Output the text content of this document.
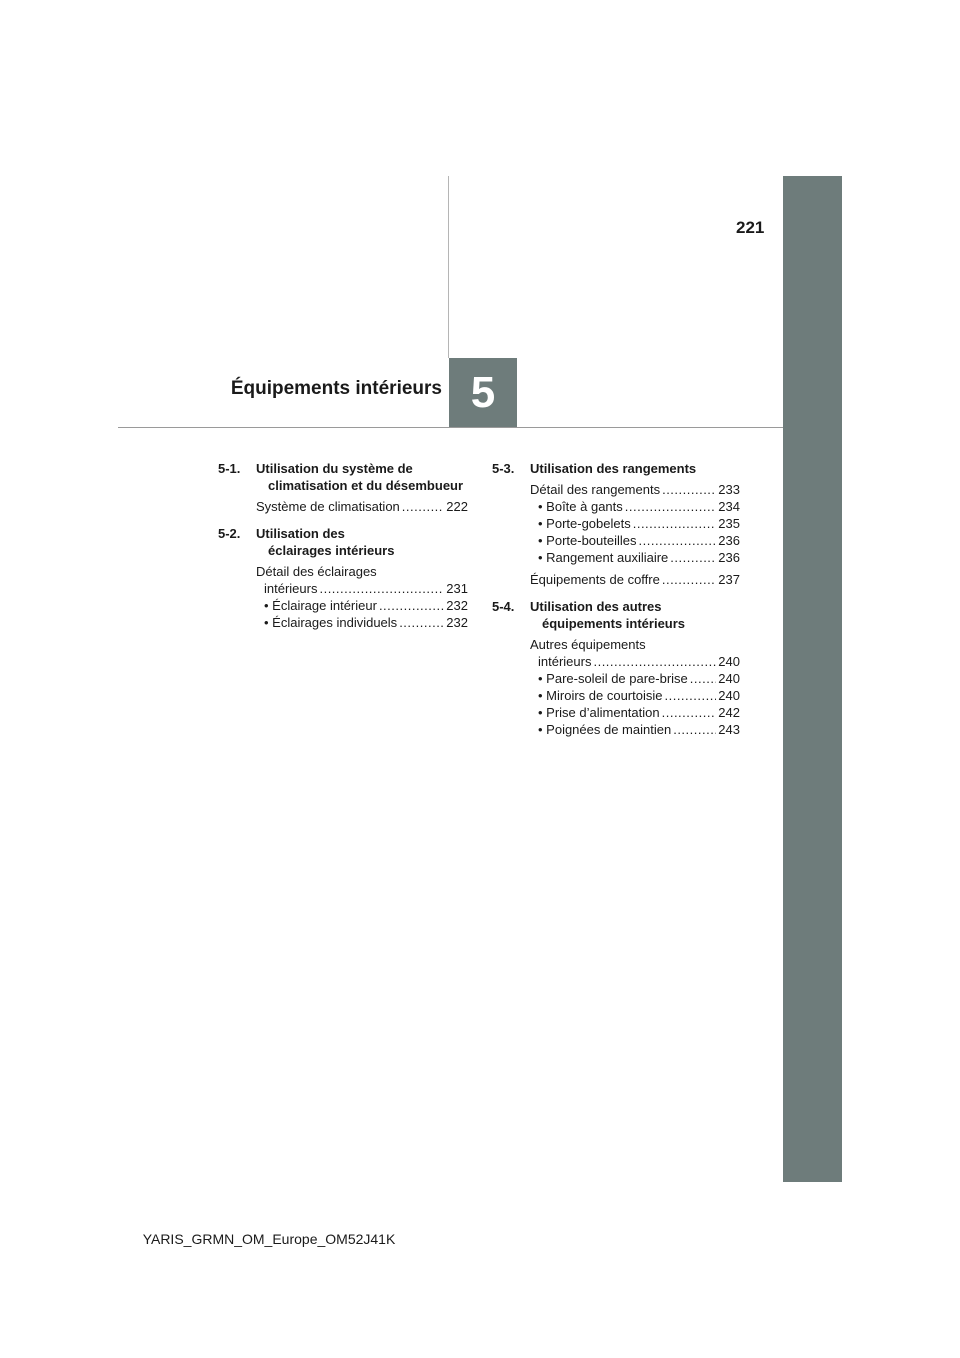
221
Équipements intérieurs 5
5-1.	Utilisation du système de
climatisation et du désembueur
Système de climatisation .....	222
5-2.	Utilisation des
éclairages intérieurs
Détail des éclairages
intérieurs .....	231
• Éclairage intérieur .....	232
• Éclairages individuels .....	232
5-3.	Utilisation des rangements
Détail des rangements .....	233
• Boîte à gants .....	234
• Porte-gobelets .....	235
• Porte-bouteilles .....	236
• Rangement auxiliaire .....	236
Équipements de coffre .....	237
5-4.	Utilisation des autres
équipements intérieurs
Autres équipements
intérieurs .....	240
• Pare-soleil de pare-brise ..... 240
• Miroirs de courtoisie .....	240
• Prise d’alimentation .....	242
• Poignées de maintien .....	243
YARIS_GRMN_OM_Europe_OM52J41K
